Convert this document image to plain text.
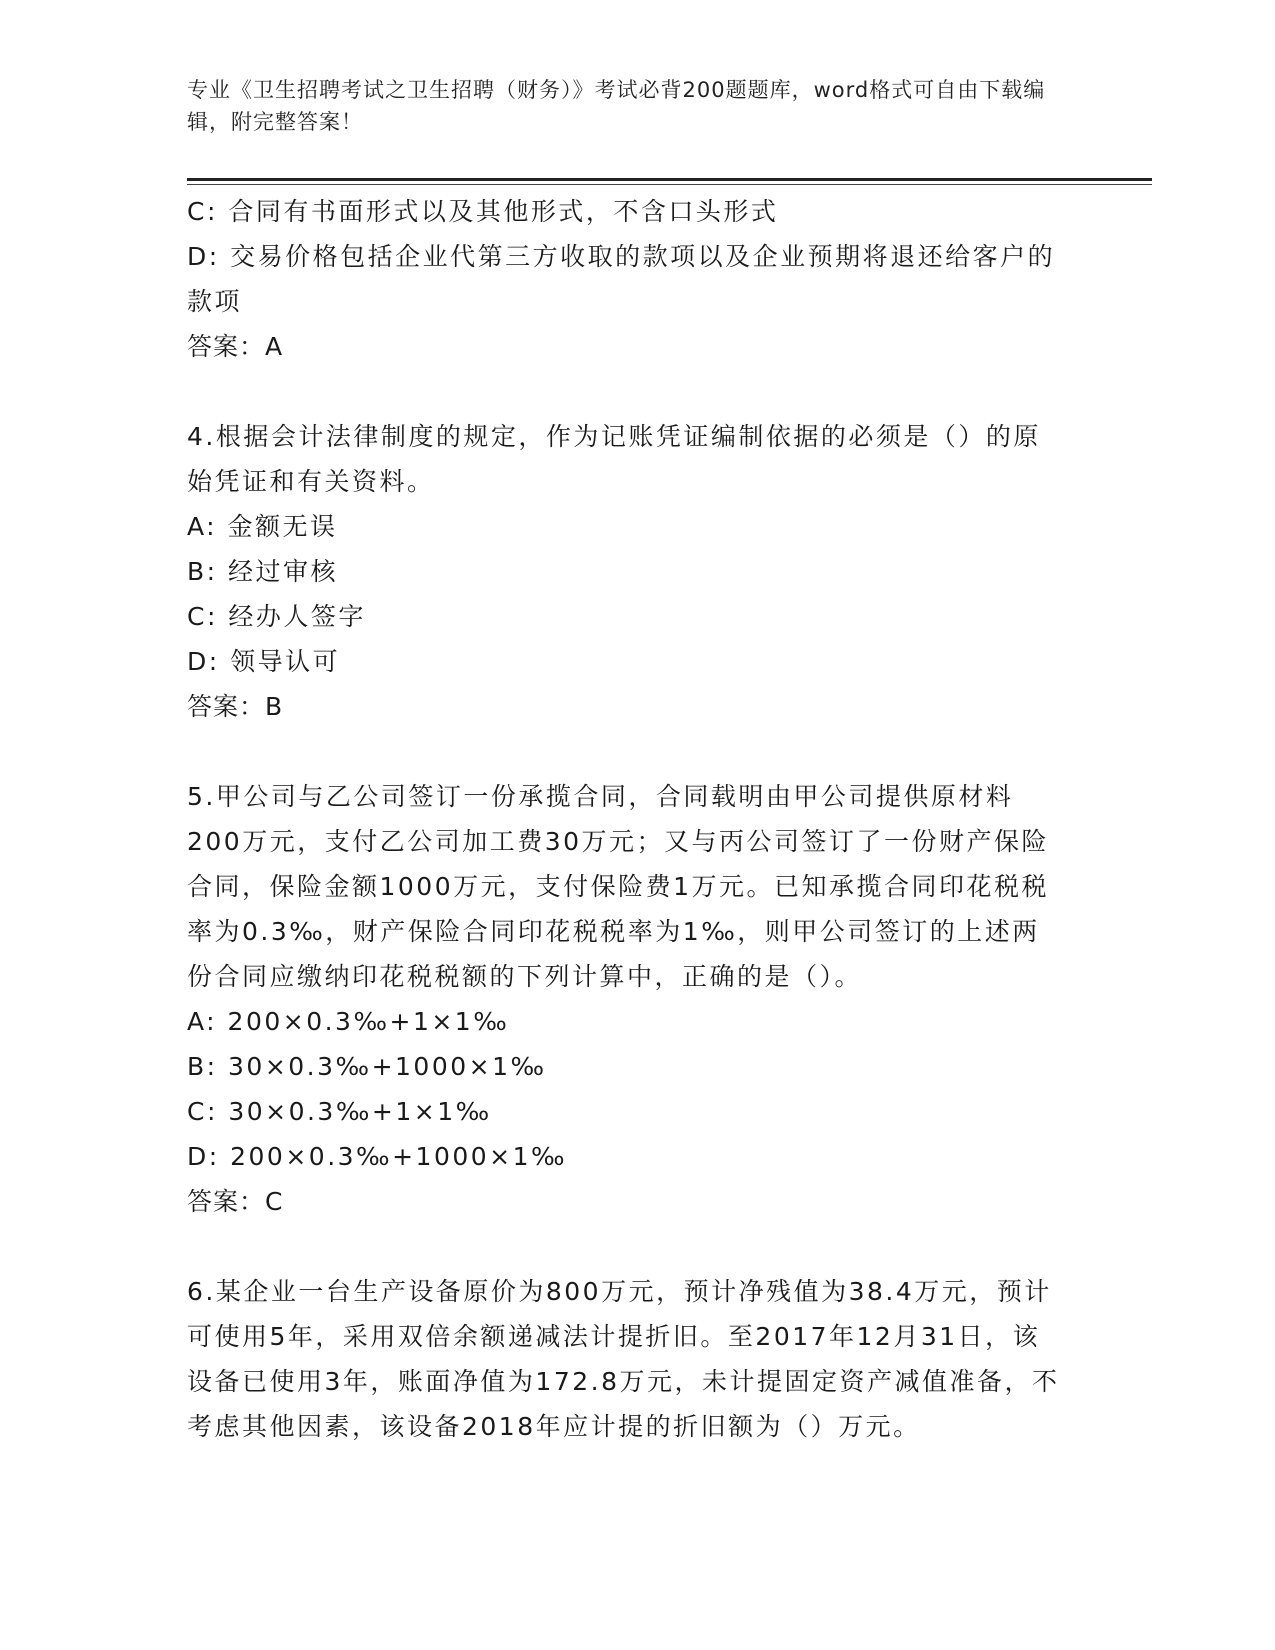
专业《卫生招聘考试之卫生招聘（财务）》考试必背200题题库，word格式可自由下载编辑，附完整答案！
C: 合同有书面形式以及其他形式，不含口头形式
D: 交易价格包括企业代第三方收取的款项以及企业预期将退还给客户的款项
答案：A
4.根据会计法律制度的规定，作为记账凭证编制依据的必须是（）的原始凭证和有关资料。
A: 金额无误
B: 经过审核
C: 经办人签字
D: 领导认可
答案：B
5.甲公司与乙公司签订一份承揽合同，合同载明由甲公司提供原材料200万元，支付乙公司加工费30万元；又与丙公司签订了一份财产保险合同，保险金额1000万元，支付保险费1万元。已知承揽合同印花税税率为0.3‰，财产保险合同印花税税率为1‰，则甲公司签订的上述两份合同应缴纳印花税税额的下列计算中，正确的是（）。
A: 200×0.3‰+1×1‰
B: 30×0.3‰+1000×1‰
C: 30×0.3‰+1×1‰
D: 200×0.3‰+1000×1‰
答案：C
6.某企业一台生产设备原价为800万元，预计净残值为38.4万元，预计可使用5年，采用双倍余额递减法计提折旧。至2017年12月31日，该设备已使用3年，账面净值为172.8万元，未计提固定资产减值准备，不考虑其他因素，该设备2018年应计提的折旧额为（）万元。
